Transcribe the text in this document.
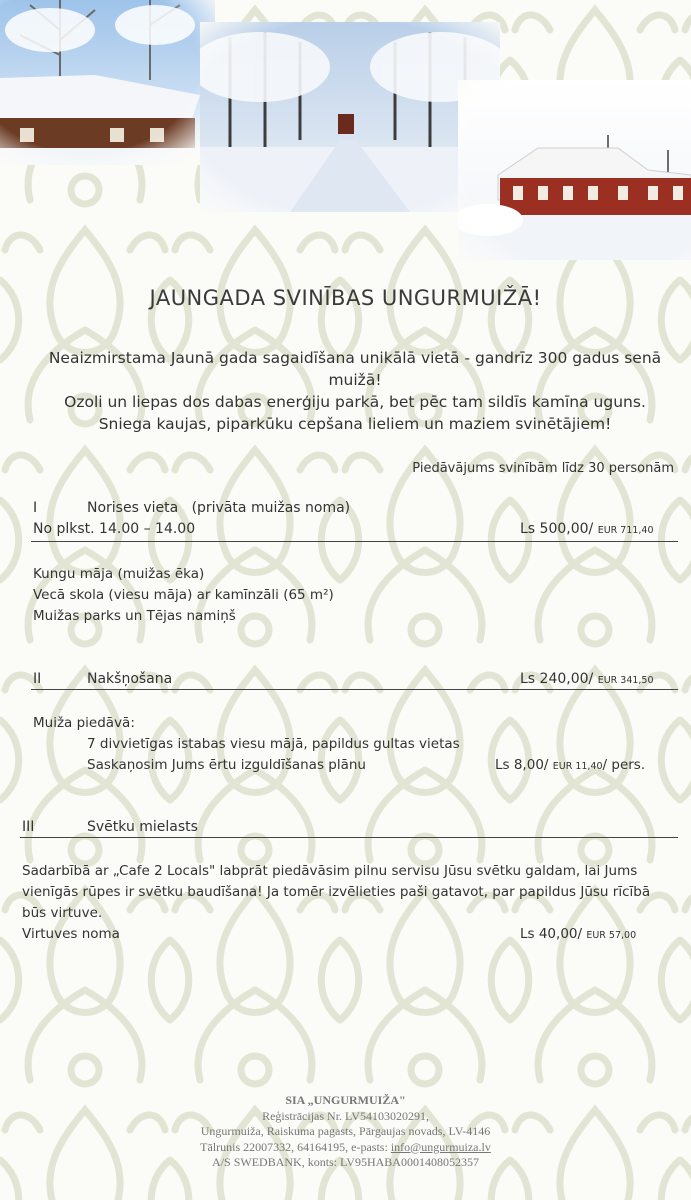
JAUNGADA SVINĪBAS UNGURMUIŽĀ!
Neaizmirstama Jaunā gada sagaidīšana unikālā vietā - gandrīz 300 gadus senā
muižā!
Ozoli un liepas dos dabas enerģiju parkā, bet pēc tam sildīs kamīna uguns.
Sniega kaujas, piparkūku cepšana lieliem un maziem svinētājiem!
Piedāvājums svinībām līdz 30 personām
I	Norises vieta (privāta muižas noma)
No plkst. 14.00 – 14.00	Ls 500,00/ EUR 711,40
Kungu māja (muižas ēka)
Vecā skola (viesu māja) ar kamīnzāli (65 m²)
Muižas parks un Tējas namiņš
II	Nakšņošana	Ls 240,00/ EUR 341,50
Muiža piedāvā:
7 divvietīgas istabas viesu mājā, papildus gultas vietas
Saskaņosim Jums ērtu izguldīšanas plānu	Ls 8,00/ EUR 11,40/ pers.
III	Svētku mielasts
Sadarbībā ar „Cafe 2 Locals" labprāt piedāvāsim pilnu servisu Jūsu svētku galdam, lai Jums
vienīgās rūpes ir svētku baudīšana! Ja tomēr izvēlieties paši gatavot, par papildus Jūsu rīcībā
būs virtuve.
Virtuves noma	Ls 40,00/ EUR 57,00
SIA „UNGURMUIŽA"
Reģistrācijas Nr. LV54103020291,
Ungurmuiža, Raiskuma pagasts, Pārgaujas novads, LV-4146
Tālrunis 22007332, 64164195, e-pasts: info@ungurmuiza.lv
A/S SWEDBANK, konts: LV95HABA0001408052357
